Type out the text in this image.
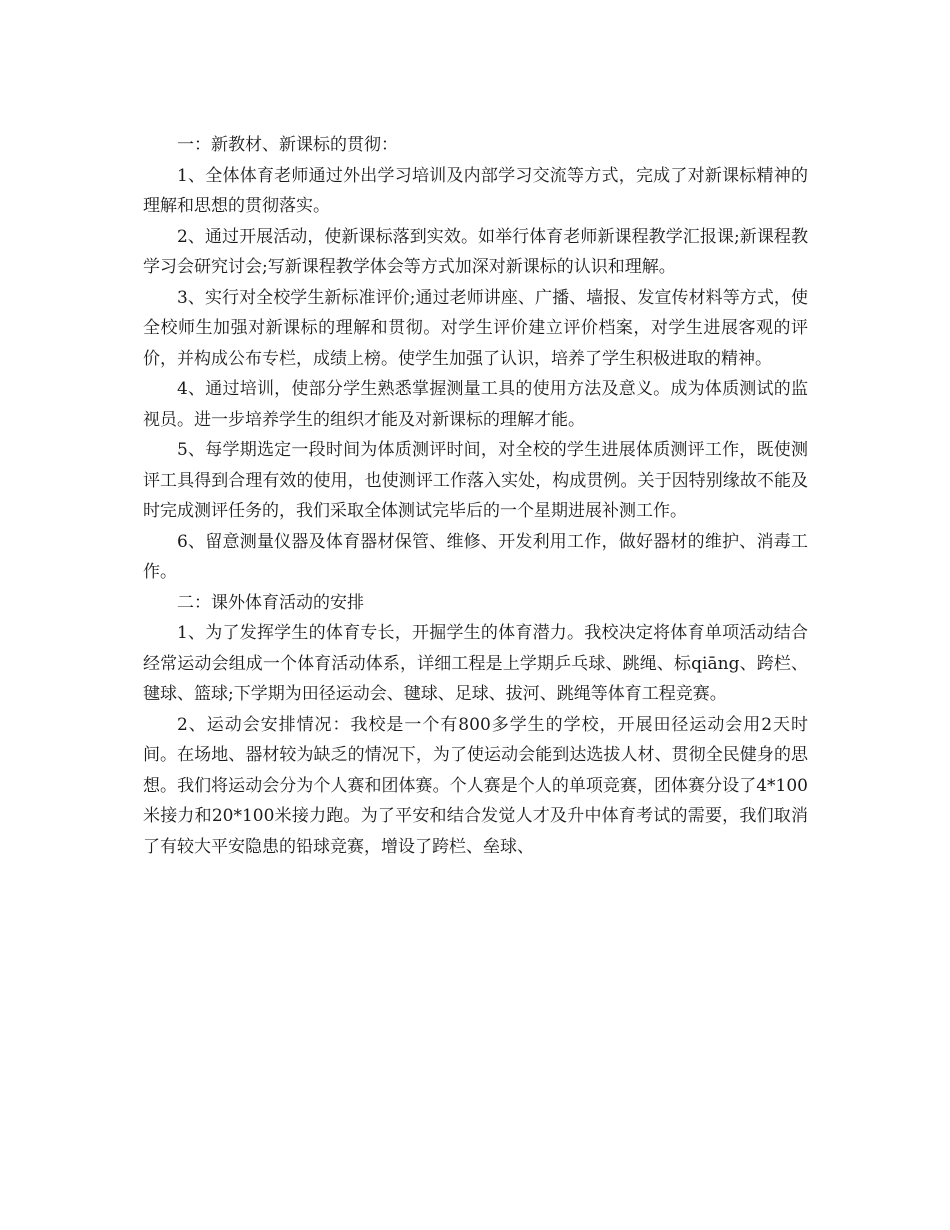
一：新教材、新课标的贯彻：

1、全体体育老师通过外出学习培训及内部学习交流等方式，完成了对新课标精神的理解和思想的贯彻落实。

2、通过开展活动，使新课标落到实效。如举行体育老师新课程教学汇报课;新课程教学习会研究讨会;写新课程教学体会等方式加深对新课标的认识和理解。

3、实行对全校学生新标准评价;通过老师讲座、广播、墙报、发宣传材料等方式，使全校师生加强对新课标的理解和贯彻。对学生评价建立评价档案，对学生进展客观的评价，并构成公布专栏，成绩上榜。使学生加强了认识，培养了学生积极进取的精神。

4、通过培训，使部分学生熟悉掌握测量工具的使用方法及意义。成为体质测试的监视员。进一步培养学生的组织才能及对新课标的理解才能。

5、每学期选定一段时间为体质测评时间，对全校的学生进展体质测评工作，既使测评工具得到合理有效的使用，也使测评工作落入实处，构成贯例。关于因特别缘故不能及时完成测评任务的，我们采取全体测试完毕后的一个星期进展补测工作。

6、留意测量仪器及体育器材保管、维修、开发利用工作，做好器材的维护、消毒工作。

二：课外体育活动的安排

1、为了发挥学生的体育专长，开掘学生的体育潜力。我校决定将体育单项活动结合经常运动会组成一个体育活动体系，详细工程是上学期乒乓球、跳绳、标qiāng、跨栏、毽球、篮球;下学期为田径运动会、毽球、足球、拔河、跳绳等体育工程竞赛。

2、运动会安排情况：我校是一个有800多学生的学校，开展田径运动会用2天时间。在场地、器材较为缺乏的情况下，为了使运动会能到达选拔人材、贯彻全民健身的思想。我们将运动会分为个人赛和团体赛。个人赛是个人的单项竞赛，团体赛分设了4*100米接力和20*100米接力跑。为了平安和结合发觉人才及升中体育考试的需要，我们取消了有较大平安隐患的铅球竞赛，增设了跨栏、垒球、
